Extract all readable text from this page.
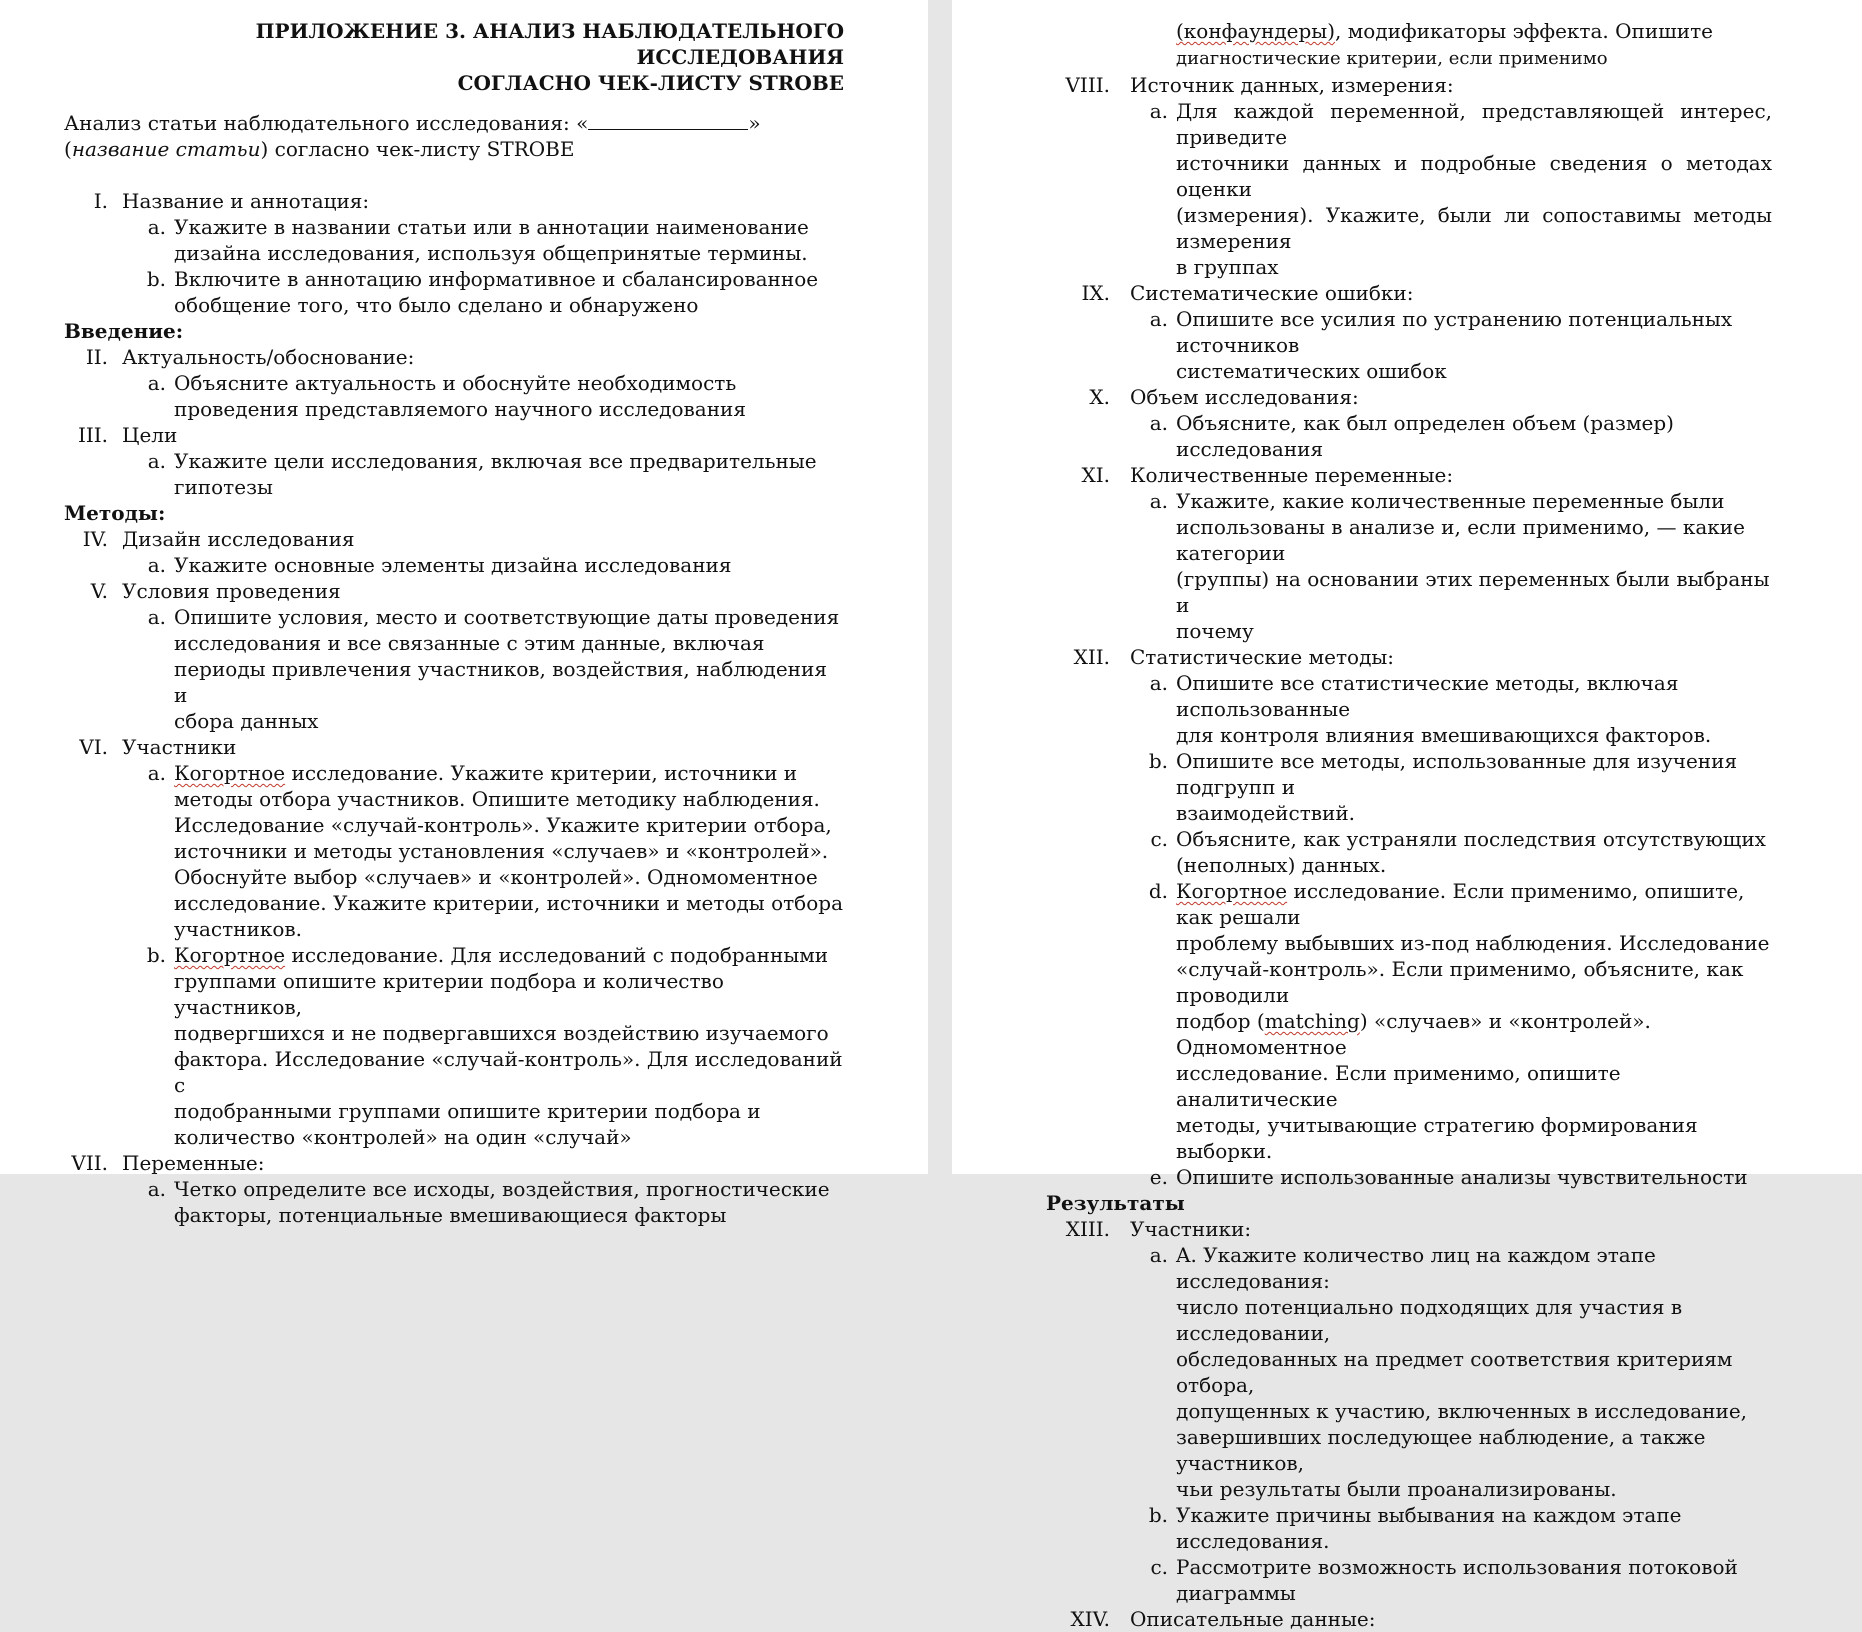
ПРИЛОЖЕНИЕ 3. АНАЛИЗ НАБЛЮДАТЕЛЬНОГО ИССЛЕДОВАНИЯ
СОГЛАСНО ЧЕК-ЛИСТУ STROBE
Анализ статьи наблюдательного исследования: «	»
(название статьи) согласно чек-листу STROBE
I. Название и аннотация:
a. Укажите в названии статьи или в аннотации наименование
дизайна исследования, используя общепринятые термины.
b. Включите в аннотацию информативное и сбалансированное
обобщение того, что было сделано и обнаружено
Введение:
II. Актуальность/обоснование:
a. Объясните актуальность и обоснуйте необходимость
проведения представляемого научного исследования
III. Цели
a. Укажите цели исследования, включая все предварительные
гипотезы
Методы:
IV. Дизайн исследования
a. Укажите основные элементы дизайна исследования
V. Условия проведения
a. Опишите условия, место и соответствующие даты проведения
исследования и все связанные с этим данные, включая
периоды привлечения участников, воздействия, наблюдения и
сбора данных
VI. Участники
a. Когортное исследование. Укажите критерии, источники и
методы отбора участников. Опишите методику наблюдения.
Исследование «случай-контроль». Укажите критерии отбора,
источники и методы установления «случаев» и «контролей».
Обоснуйте выбор «случаев» и «контролей». Одномоментное
исследование. Укажите критерии, источники и методы отбора
участников.
b. Когортное исследование. Для исследований с подобранными
группами опишите критерии подбора и количество участников,
подвергшихся и не подвергавшихся воздействию изучаемого
фактора. Исследование «случай-контроль». Для исследований с
подобранными группами опишите критерии подбора и
количество «контролей» на один «случай»
VII. Переменные:
a. Четко определите все исходы, воздействия, прогностические
факторы, потенциальные вмешивающиеся факторы
(конфаундеры), модификаторы эффекта. Опишите
диагностические критерии, если применимо
VIII. Источник данных, измерения:
a. Для каждой переменной, представляющей интерес, приведите
источники данных и подробные сведения о методах оценки
(измерения). Укажите, были ли сопоставимы методы измерения
в группах
IX. Систематические ошибки:
a. Опишите все усилия по устранению потенциальных источников
систематических ошибок
X. Объем исследования:
a. Объясните, как был определен объем (размер) исследования
XI. Количественные переменные:
a. Укажите, какие количественные переменные были
использованы в анализе и, если применимо, — какие категории
(группы) на основании этих переменных были выбраны и
почему
XII. Статистические методы:
a. Опишите все статистические методы, включая использованные
для контроля влияния вмешивающихся факторов.
b. Опишите все методы, использованные для изучения подгрупп и
взаимодействий.
c. Объясните, как устраняли последствия отсутствующих
(неполных) данных.
d. Когортное исследование. Если применимо, опишите, как решали
проблему выбывших из-под наблюдения. Исследование
«случай-контроль». Если применимо, объясните, как проводили
подбор (matching) «случаев» и «контролей». Одномоментное
исследование. Если применимо, опишите аналитические
методы, учитывающие стратегию формирования выборки.
e. Опишите использованные анализы чувствительности
Результаты
XIII. Участники:
a. A. Укажите количество лиц на каждом этапе исследования:
число потенциально подходящих для участия в исследовании,
обследованных на предмет соответствия критериям отбора,
допущенных к участию, включенных в исследование,
завершивших последующее наблюдение, а также участников,
чьи результаты были проанализированы.
b. Укажите причины выбывания на каждом этапе исследования.
c. Рассмотрите возможность использования потоковой
диаграммы
XIV. Описательные данные:
